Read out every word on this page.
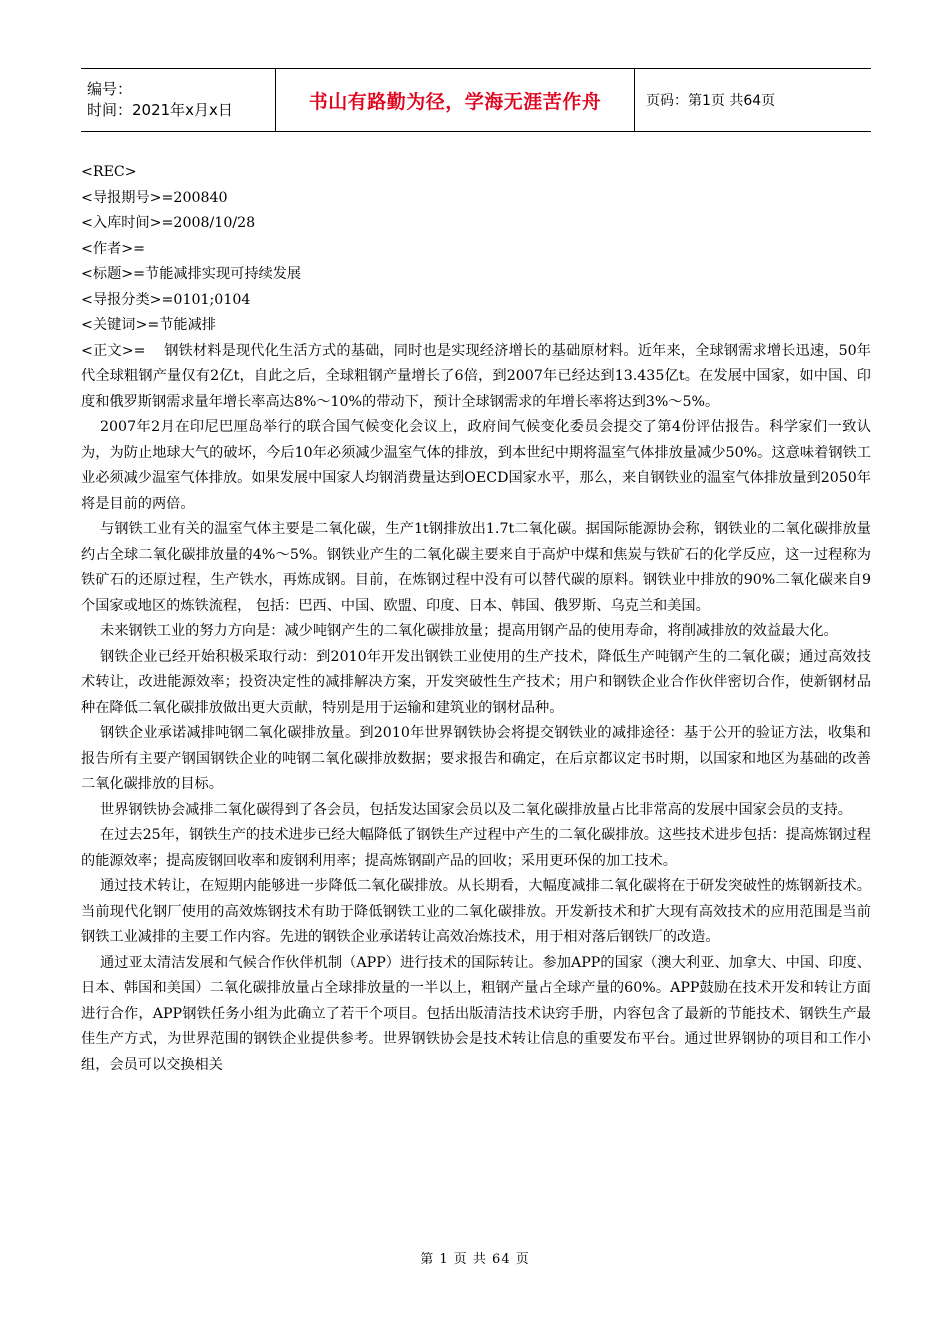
编号：
时间：2021年x月x日	书山有路勤为径，学海无涯苦作舟	页码：第1页 共64页

<REC>

<导报期号>=200840

<入库时间>=2008/10/28

<作者>=

<标题>=节能减排实现可持续发展

<导报分类>=0101;0104

<关键词>=节能减排

<正文>=    钢铁材料是现代化生活方式的基础，同时也是实现经济增长的基础原材料。近年来，全球钢需求增长迅速，50年代全球粗钢产量仅有2亿t，自此之后，全球粗钢产量增长了6倍，到2007年已经达到13.435亿t。在发展中国家，如中国、印度和俄罗斯钢需求量年增长率高达8%～10%的带动下，预计全球钢需求的年增长率将达到3%～5%。

2007年2月在印尼巴厘岛举行的联合国气候变化会议上，政府间气候变化委员会提交了第4份评估报告。科学家们一致认为，为防止地球大气的破坏，今后10年必须减少温室气体的排放，到本世纪中期将温室气体排放量减少50%。这意味着钢铁工业必须减少温室气体排放。如果发展中国家人均钢消费量达到OECD国家水平，那么，来自钢铁业的温室气体排放量到2050年将是目前的两倍。

与钢铁工业有关的温室气体主要是二氧化碳，生产1t钢排放出1.7t二氧化碳。据国际能源协会称，钢铁业的二氧化碳排放量约占全球二氧化碳排放量的4%～5%。钢铁业产生的二氧化碳主要来自于高炉中煤和焦炭与铁矿石的化学反应，这一过程称为铁矿石的还原过程，生产铁水，再炼成钢。目前，在炼钢过程中没有可以替代碳的原料。钢铁业中排放的90%二氧化碳来自9个国家或地区的炼铁流程， 包括：巴西、中国、欧盟、印度、日本、韩国、俄罗斯、乌克兰和美国。

未来钢铁工业的努力方向是：减少吨钢产生的二氧化碳排放量；提高用钢产品的使用寿命，将削减排放的效益最大化。

钢铁企业已经开始积极采取行动：到2010年开发出钢铁工业使用的生产技术，降低生产吨钢产生的二氧化碳；通过高效技术转让，改进能源效率；投资决定性的减排解决方案，开发突破性生产技术；用户和钢铁企业合作伙伴密切合作，使新钢材品种在降低二氧化碳排放做出更大贡献，特别是用于运输和建筑业的钢材品种。

钢铁企业承诺减排吨钢二氧化碳排放量。到2010年世界钢铁协会将提交钢铁业的减排途径：基于公开的验证方法，收集和报告所有主要产钢国钢铁企业的吨钢二氧化碳排放数据；要求报告和确定，在后京都议定书时期，以国家和地区为基础的改善二氧化碳排放的目标。

世界钢铁协会减排二氧化碳得到了各会员，包括发达国家会员以及二氧化碳排放量占比非常高的发展中国家会员的支持。

在过去25年，钢铁生产的技术进步已经大幅降低了钢铁生产过程中产生的二氧化碳排放。这些技术进步包括：提高炼钢过程的能源效率；提高废钢回收率和废钢利用率；提高炼钢副产品的回收；采用更环保的加工技术。

通过技术转让，在短期内能够进一步降低二氧化碳排放。从长期看，大幅度减排二氧化碳将在于研发突破性的炼钢新技术。当前现代化钢厂使用的高效炼钢技术有助于降低钢铁工业的二氧化碳排放。开发新技术和扩大现有高效技术的应用范围是当前钢铁工业减排的主要工作内容。先进的钢铁企业承诺转让高效冶炼技术，用于相对落后钢铁厂的改造。

通过亚太清洁发展和气候合作伙伴机制（APP）进行技术的国际转让。参加APP的国家（澳大利亚、加拿大、中国、印度、日本、韩国和美国）二氧化碳排放量占全球排放量的一半以上，粗钢产量占全球产量的60%。APP鼓励在技术开发和转让方面进行合作，APP钢铁任务小组为此确立了若干个项目。包括出版清洁技术诀窍手册，内容包含了最新的节能技术、钢铁生产最佳生产方式，为世界范围的钢铁企业提供参考。世界钢铁协会是技术转让信息的重要发布平台。通过世界钢协的项目和工作小组，会员可以交换相关

第 1 页 共 64 页
